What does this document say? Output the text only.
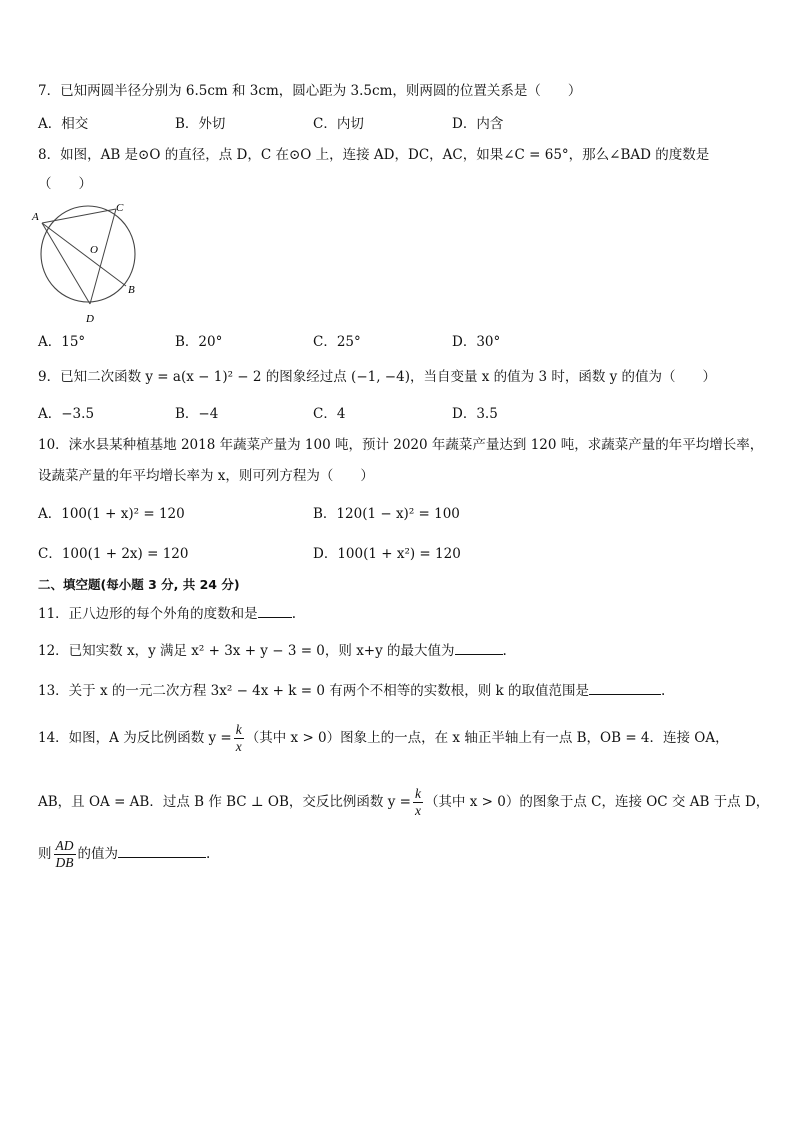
7．已知两圆半径分别为 6.5cm 和 3cm，圆心距为 3.5cm，则两圆的位置关系是（　　）
A．相交	B．外切	C．内切	D．内含
8．如图，AB 是⊙O 的直径，点 D，C 在⊙O 上，连接 AD，DC，AC，如果∠C = 65°，那么∠BAD 的度数是
（　　）
A
C
O
B
D
A．15°	B．20°	C．25°	D．30°
9．已知二次函数 y = a(x − 1)² − 2 的图象经过点 (−1, −4)，当自变量 x 的值为 3 时，函数 y 的值为（　　）
A．−3.5	B．−4	C．4	D．3.5
10．涞水县某种植基地 2018 年蔬菜产量为 100 吨，预计 2020 年蔬菜产量达到 120 吨，求蔬菜产量的年平均增长率，
设蔬菜产量的年平均增长率为 x，则可列方程为（　　）
A．100(1 + x)² = 120	B．120(1 − x)² = 100
C．100(1 + 2x) = 120	D．100(1 + x²) = 120
二、填空题(每小题 3 分, 共 24 分)
11．正八边形的每个外角的度数和是	.
12．已知实数 x，y 满足 x² + 3x + y − 3 = 0，则 x+y 的最大值为	.
13．关于 x 的一元二次方程 3x² − 4x + k = 0 有两个不相等的实数根，则 k 的取值范围是	.
14．如图，A 为反比例函数 $y = \frac{k}{x}$ （其中 x > 0）图象上的一点，在 x 轴正半轴上有一点 B，OB = 4．连接 OA，
AB，且 OA = AB．过点 B 作 BC ⊥ OB，交反比例函数 $y = \frac{k}{x}$ （其中 x > 0）的图象于点 C，连接 OC 交 AB 于点 D，
则 $\frac{AD}{DB}$ 的值为	.
